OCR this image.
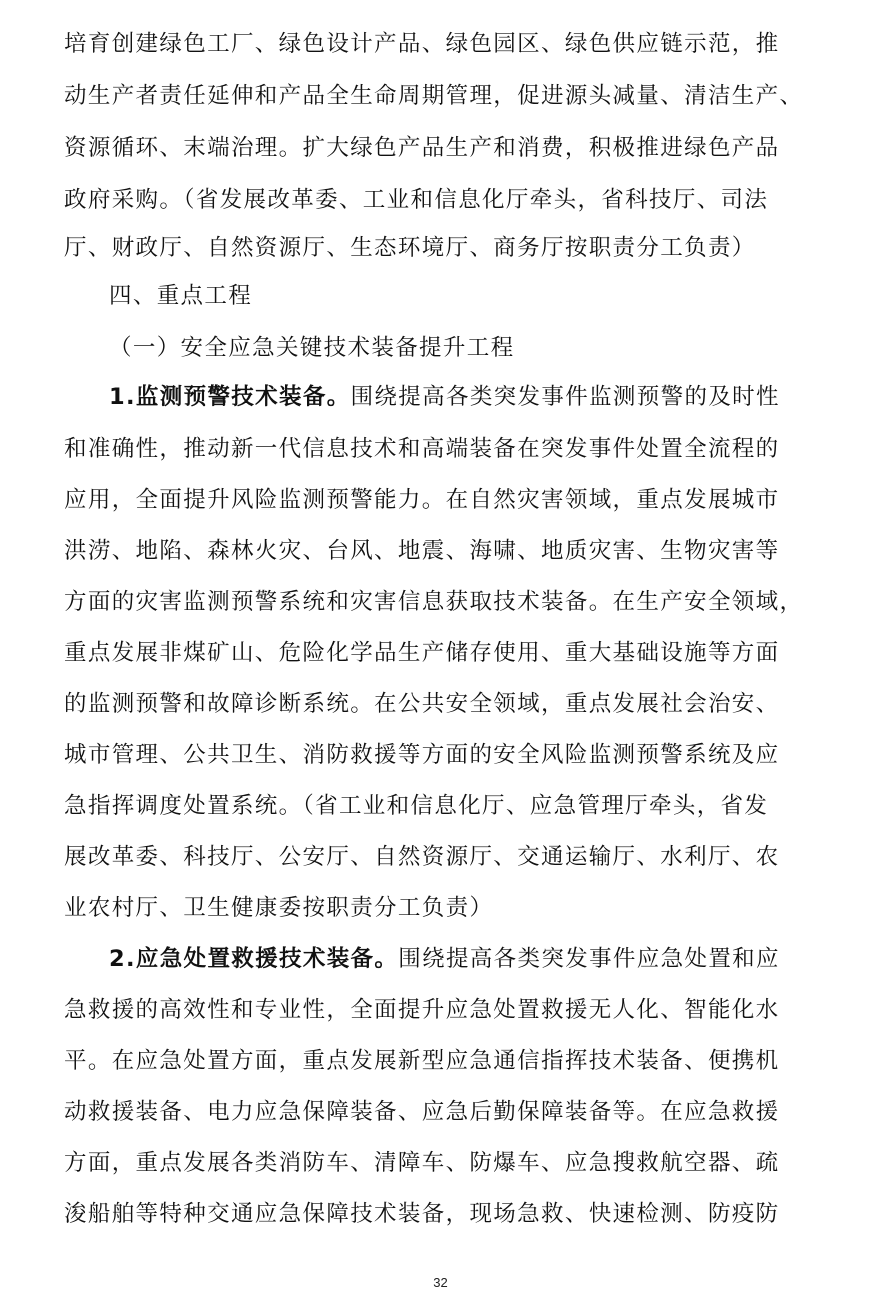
培育创建绿色工厂、绿色设计产品、绿色园区、绿色供应链示范，推
动生产者责任延伸和产品全生命周期管理，促进源头减量、清洁生产、
资源循环、末端治理。扩大绿色产品生产和消费，积极推进绿色产品
政府采购。（省发展改革委、工业和信息化厅牵头，省科技厅、司法
厅、财政厅、自然资源厅、生态环境厅、商务厅按职责分工负责）
四、重点工程
（一）安全应急关键技术装备提升工程
1.监测预警技术装备。围绕提高各类突发事件监测预警的及时性
和准确性，推动新一代信息技术和高端装备在突发事件处置全流程的
应用，全面提升风险监测预警能力。在自然灾害领域，重点发展城市
洪涝、地陷、森林火灾、台风、地震、海啸、地质灾害、生物灾害等
方面的灾害监测预警系统和灾害信息获取技术装备。在生产安全领域，
重点发展非煤矿山、危险化学品生产储存使用、重大基础设施等方面
的监测预警和故障诊断系统。在公共安全领域，重点发展社会治安、
城市管理、公共卫生、消防救援等方面的安全风险监测预警系统及应
急指挥调度处置系统。（省工业和信息化厅、应急管理厅牵头，省发
展改革委、科技厅、公安厅、自然资源厅、交通运输厅、水利厅、农
业农村厅、卫生健康委按职责分工负责）
2.应急处置救援技术装备。围绕提高各类突发事件应急处置和应
急救援的高效性和专业性，全面提升应急处置救援无人化、智能化水
平。在应急处置方面，重点发展新型应急通信指挥技术装备、便携机
动救援装备、电力应急保障装备、应急后勤保障装备等。在应急救援
方面，重点发展各类消防车、清障车、防爆车、应急搜救航空器、疏
浚船舶等特种交通应急保障技术装备，现场急救、快速检测、防疫防
32
